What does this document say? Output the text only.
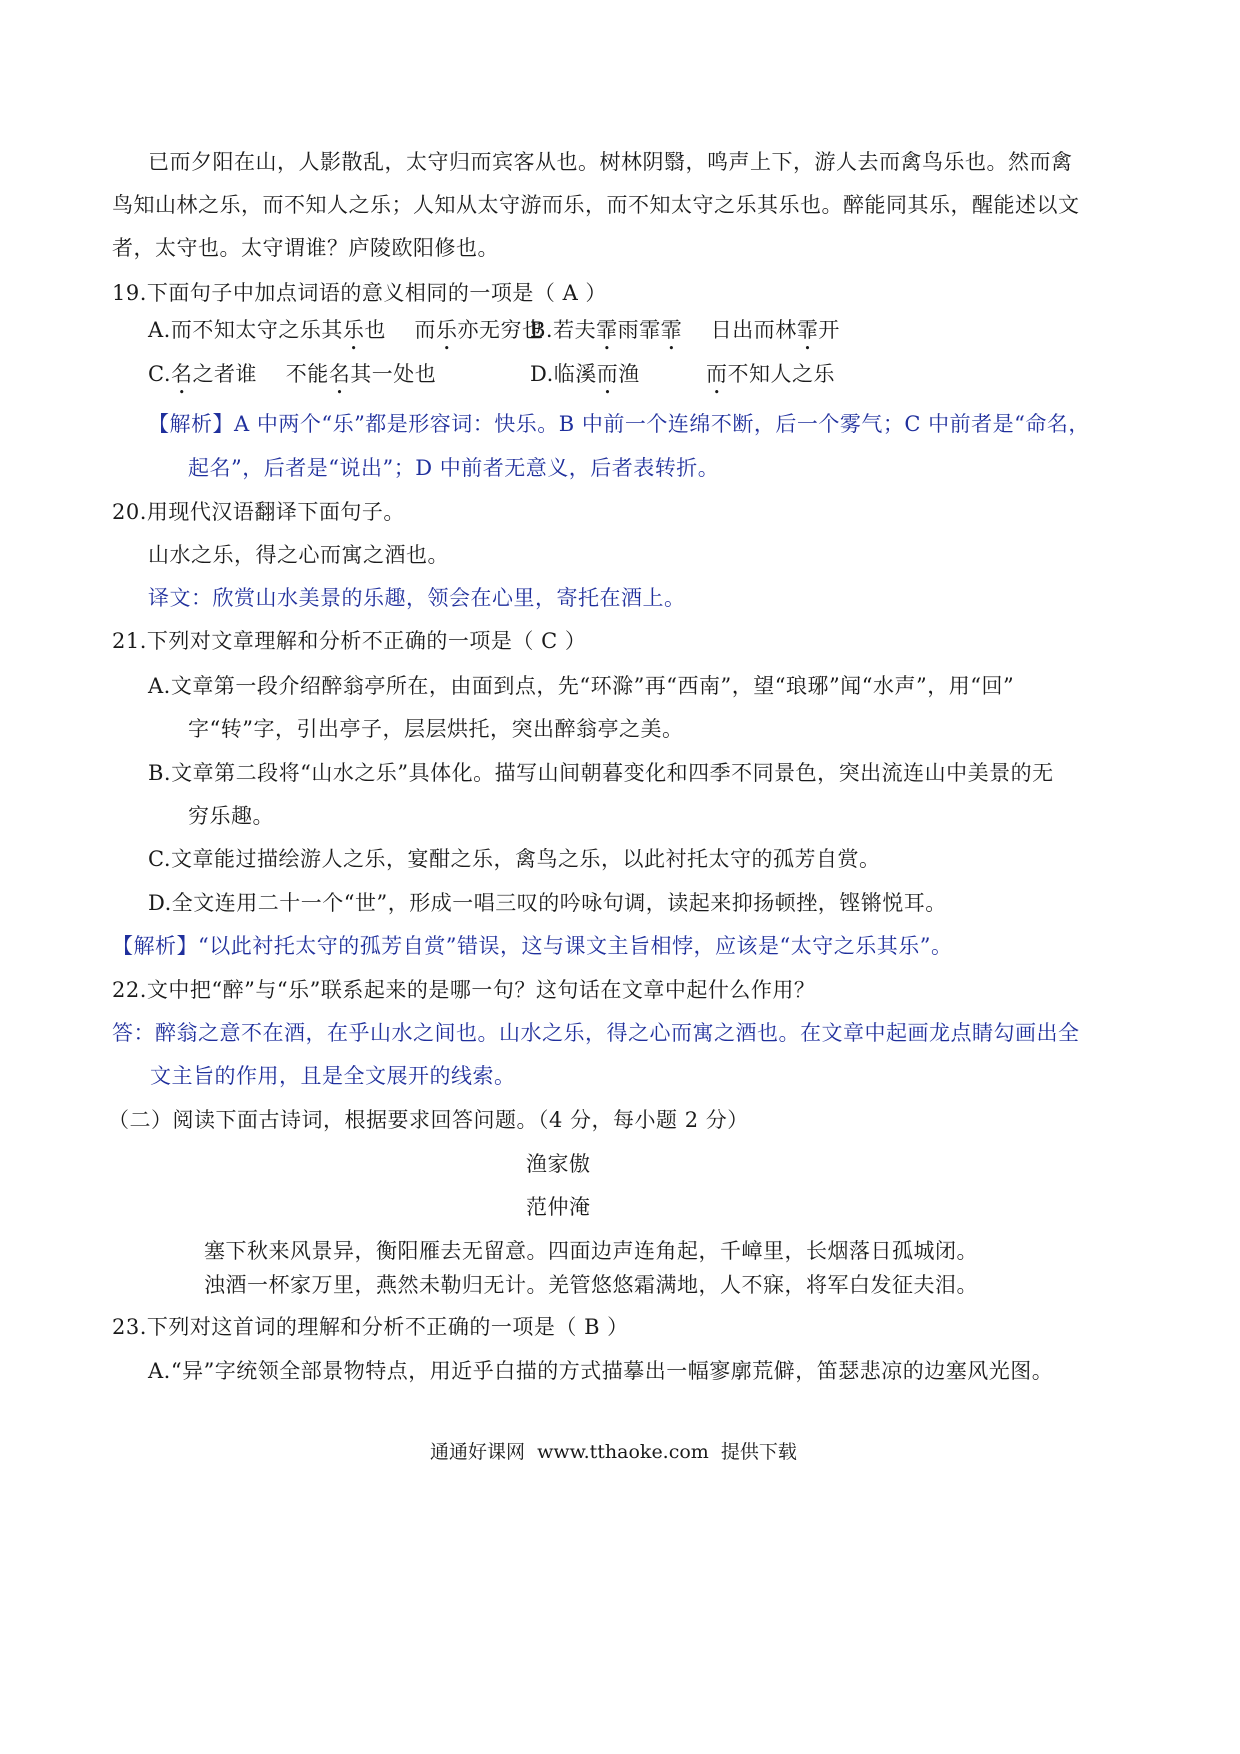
已而夕阳在山，人影散乱，太守归而宾客从也。树林阴翳，鸣声上下，游人去而禽鸟乐也。然而禽
鸟知山林之乐，而不知人之乐；人知从太守游而乐，而不知太守之乐其乐也。醉能同其乐，醒能述以文
者，太守也。太守谓谁？庐陵欧阳修也。
19.下面句子中加点词语的意义相同的一项是（ A ）
A.而不知太守之乐其乐也    而乐亦无穷也
B.若夫霏雨霏霏    日出而林霏开
C.名之者谁    不能名其一处也	D.临溪而渔	而不知人之乐
【解析】A 中两个“乐”都是形容词：快乐。B 中前一个连绵不断，后一个雾气；C 中前者是“命名，
起名”，后者是“说出”；D 中前者无意义，后者表转折。
20.用现代汉语翻译下面句子。
山水之乐，得之心而寓之酒也。
译文：欣赏山水美景的乐趣，领会在心里，寄托在酒上。
21.下列对文章理解和分析不正确的一项是（ C ）
A.文章第一段介绍醉翁亭所在，由面到点，先“环滁”再“西南”，望“琅琊”闻“水声”，用“回”
字“转”字，引出亭子，层层烘托，突出醉翁亭之美。
B.文章第二段将“山水之乐”具体化。描写山间朝暮变化和四季不同景色，突出流连山中美景的无
穷乐趣。
C.文章能过描绘游人之乐，宴酣之乐，禽鸟之乐，以此衬托太守的孤芳自赏。
D.全文连用二十一个“世”，形成一唱三叹的吟咏句调，读起来抑扬顿挫，铿锵悦耳。
【解析】“以此衬托太守的孤芳自赏”错误，这与课文主旨相悖，应该是“太守之乐其乐”。
22.文中把“醉”与“乐”联系起来的是哪一句？这句话在文章中起什么作用？
答：醉翁之意不在酒，在乎山水之间也。山水之乐，得之心而寓之酒也。在文章中起画龙点睛勾画出全
文主旨的作用，且是全文展开的线索。
（二）阅读下面古诗词，根据要求回答问题。（4 分，每小题 2 分）
渔家傲
范仲淹
塞下秋来风景异，衡阳雁去无留意。四面边声连角起，千嶂里，长烟落日孤城闭。
浊酒一杯家万里，燕然未勒归无计。羌管悠悠霜满地，人不寐，将军白发征夫泪。
23.下列对这首词的理解和分析不正确的一项是（ B ）
A.“异”字统领全部景物特点，用近乎白描的方式描摹出一幅寥廓荒僻，笛瑟悲凉的边塞风光图。
通通好课网  www.tthaoke.com  提供下载
